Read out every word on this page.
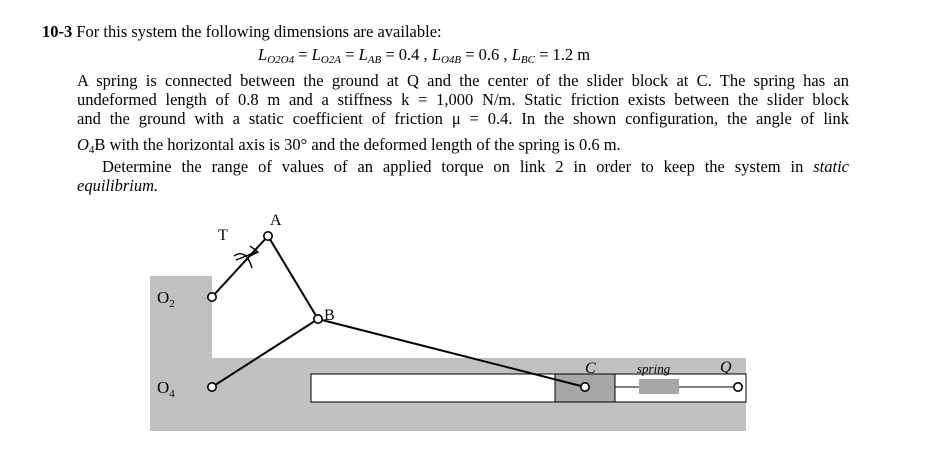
10-3 For this system the following dimensions are available:
$L_{O2O4} = L_{O2A} = L_{AB} = 0.4$ , $L_{O4B} = 0.6$ , $L_{BC} = 1.2$ m
A spring is connected between the ground at Q and the center of the slider block at C. The spring has an
undeformed length of 0.8 m and a stiffness k = 1,000 N/m. Static friction exists between the slider block
and the ground with a static coefficient of friction μ = 0.4. In the shown configuration, the angle of link
$O_4B$ with the horizontal axis is 30° and the deformed length of the spring is 0.6 m.
Determine the range of values of an applied torque on link 2 in order to keep the system in static
equilibrium.
T
A
B
C	Q
spring
$O_2$
$O_4$
